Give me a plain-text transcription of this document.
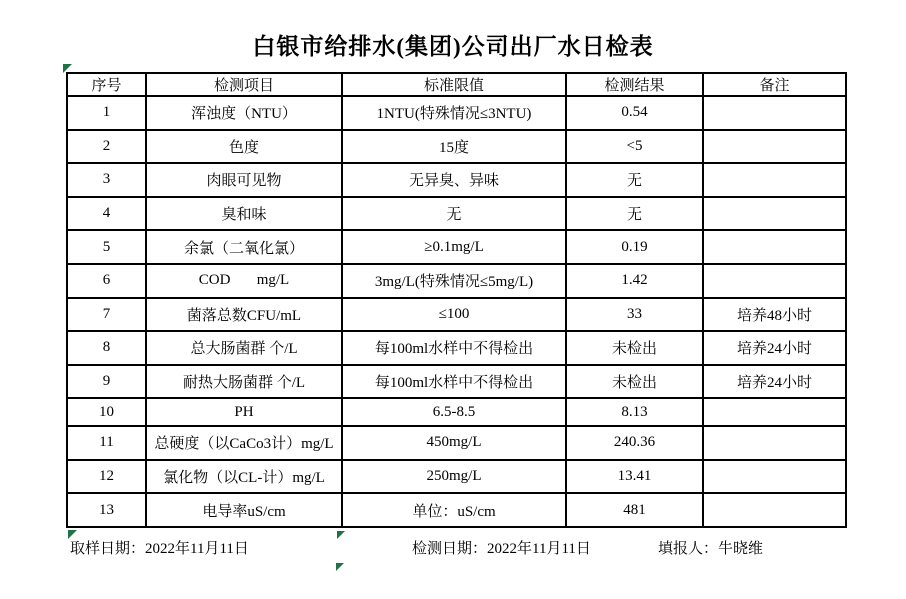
白银市给排水(集团)公司出厂水日检表
序号	检测项目	标准限值	检测结果	备注
1	浑浊度（NTU）	1NTU(特殊情况≤3NTU)	0.54	
2	色度	15度	<5	
3	肉眼可见物	无异臭、异味	无	
4	臭和味	无	无	
5	余氯（二氧化氯）	≥0.1mg/L	0.19	
6	COD       mg/L	3mg/L(特殊情况≤5mg/L)	1.42	
7	菌落总数CFU/mL	≤100	33	培养48小时
8	总大肠菌群 个/L	每100ml水样中不得检出	未检出	培养24小时
9	耐热大肠菌群 个/L	每100ml水样中不得检出	未检出	培养24小时
10	PH	6.5-8.5	8.13	
11	总硬度（以CaCo3计）mg/L	450mg/L	240.36	
12	氯化物（以CL-计）mg/L	250mg/L	13.41	
13	电导率uS/cm	单位：uS/cm	481	
取样日期：2022年11月11日	检测日期：2022年11月11日	填报人：牛晓维
